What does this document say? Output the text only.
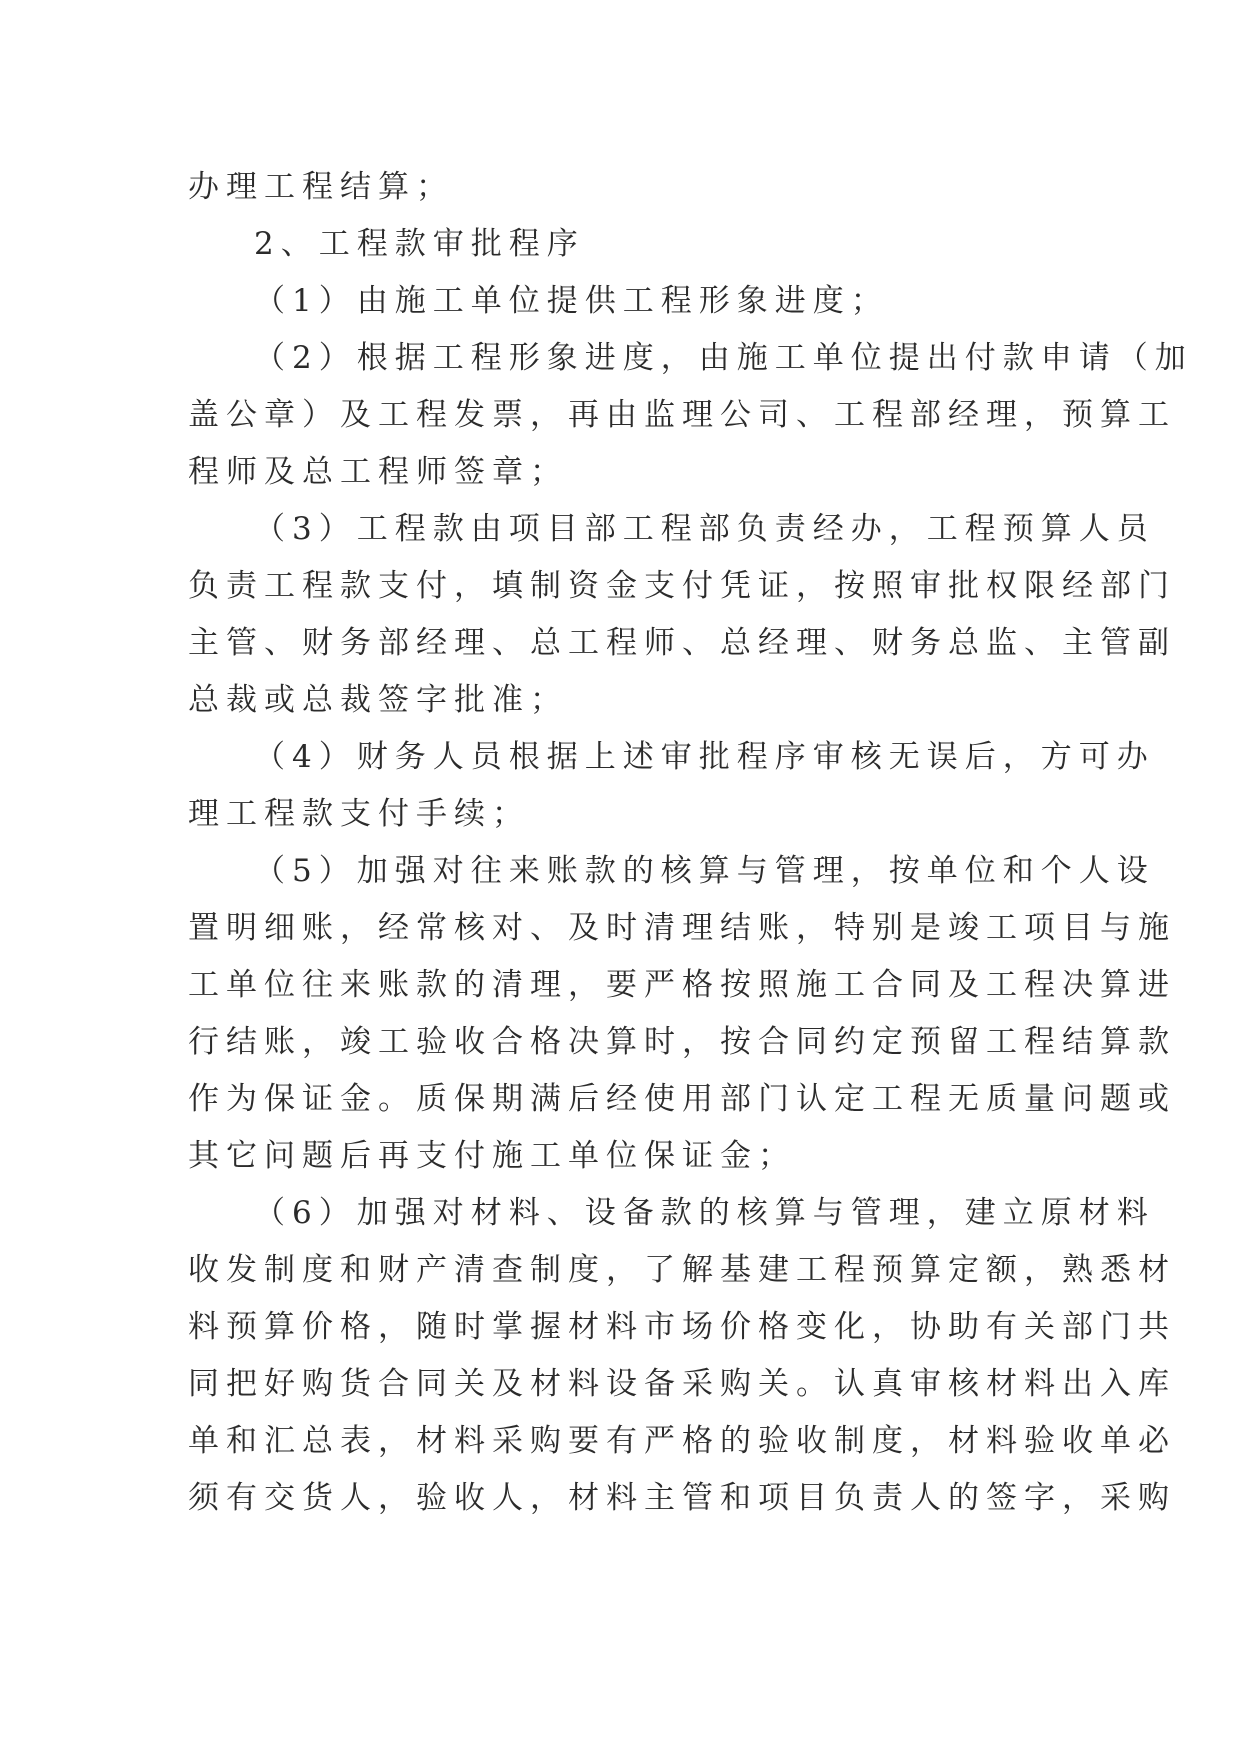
办理工程结算；
2、工程款审批程序
（1）由施工单位提供工程形象进度；
（2）根据工程形象进度，由施工单位提出付款申请（加
盖公章）及工程发票，再由监理公司、工程部经理，预算工
程师及总工程师签章；
（3）工程款由项目部工程部负责经办，工程预算人员
负责工程款支付，填制资金支付凭证，按照审批权限经部门
主管、财务部经理、总工程师、总经理、财务总监、主管副
总裁或总裁签字批准；
（4）财务人员根据上述审批程序审核无误后，方可办
理工程款支付手续；
（5）加强对往来账款的核算与管理，按单位和个人设
置明细账，经常核对、及时清理结账，特别是竣工项目与施
工单位往来账款的清理，要严格按照施工合同及工程决算进
行结账，竣工验收合格决算时，按合同约定预留工程结算款
作为保证金。质保期满后经使用部门认定工程无质量问题或
其它问题后再支付施工单位保证金；
（6）加强对材料、设备款的核算与管理，建立原材料
收发制度和财产清查制度，了解基建工程预算定额，熟悉材
料预算价格，随时掌握材料市场价格变化，协助有关部门共
同把好购货合同关及材料设备采购关。认真审核材料出入库
单和汇总表，材料采购要有严格的验收制度，材料验收单必
须有交货人，验收人，材料主管和项目负责人的签字，采购
